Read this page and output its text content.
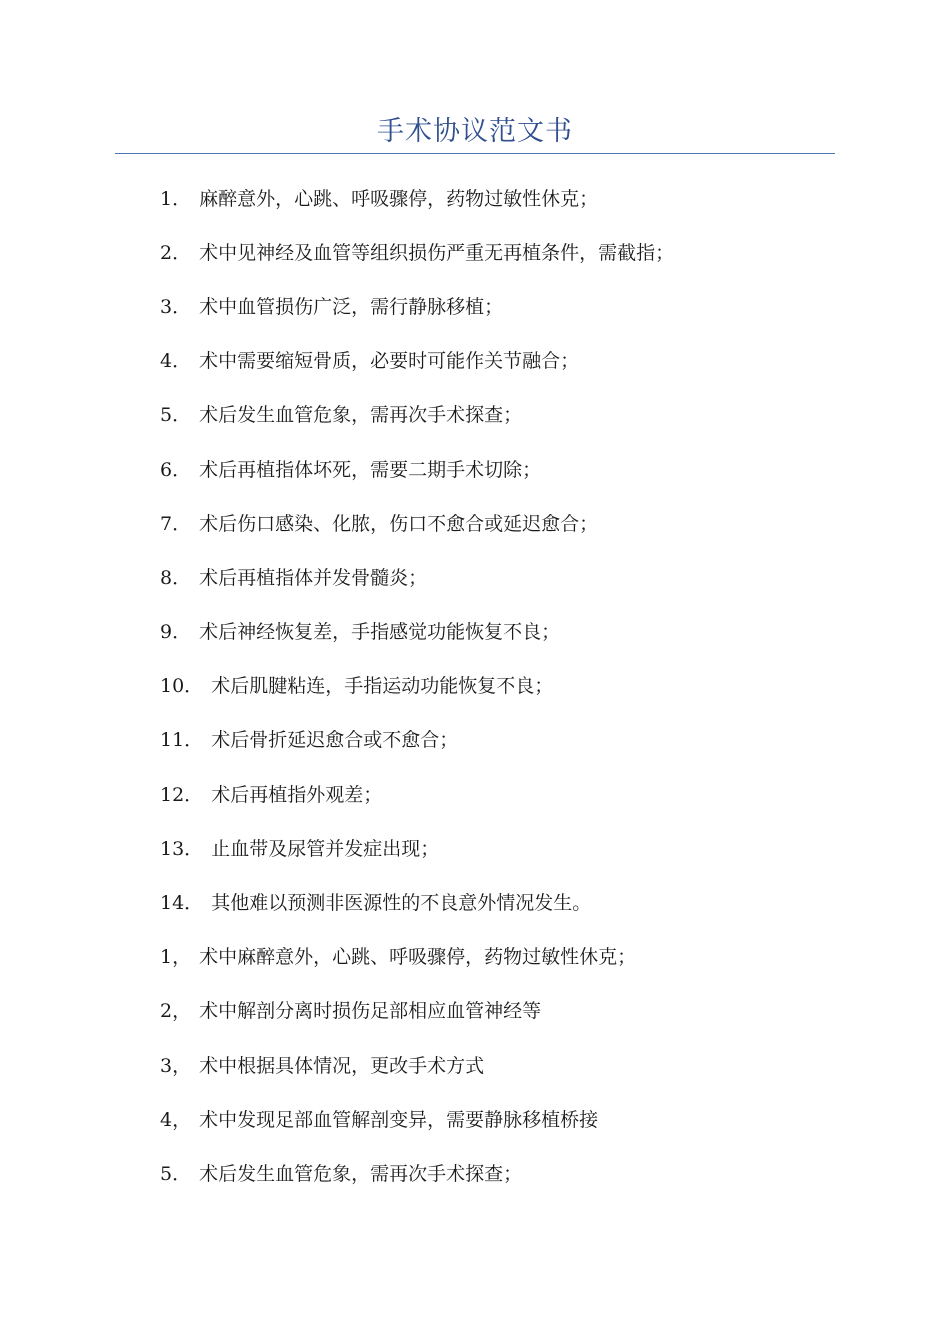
手术协议范文书
1． 麻醉意外，心跳、呼吸骤停，药物过敏性休克；
2． 术中见神经及血管等组织损伤严重无再植条件，需截指；
3． 术中血管损伤广泛，需行静脉移植；
4． 术中需要缩短骨质，必要时可能作关节融合；
5． 术后发生血管危象，需再次手术探查；
6． 术后再植指体坏死，需要二期手术切除；
7． 术后伤口感染、化脓，伤口不愈合或延迟愈合；
8． 术后再植指体并发骨髓炎；
9． 术后神经恢复差，手指感觉功能恢复不良；
10． 术后肌腱粘连，手指运动功能恢复不良；
11． 术后骨折延迟愈合或不愈合；
12． 术后再植指外观差；
13． 止血带及尿管并发症出现；
14． 其他难以预测非医源性的不良意外情况发生。
1， 术中麻醉意外，心跳、呼吸骤停，药物过敏性休克；
2， 术中解剖分离时损伤足部相应血管神经等
3， 术中根据具体情况，更改手术方式
4， 术中发现足部血管解剖变异，需要静脉移植桥接
5． 术后发生血管危象，需再次手术探查；
